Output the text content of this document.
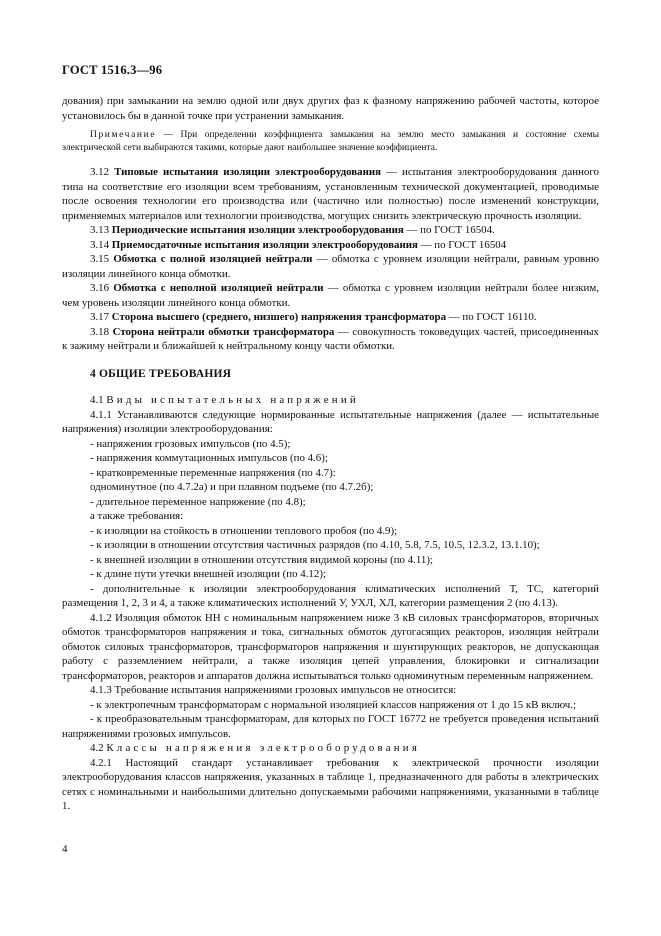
ГОСТ 1516.3—96

дования) при замыкании на землю одной или двух других фаз к фазному напряжению рабочей частоты, которое установилось бы в данной точке при устранении замыкания.

Примечание — При определении коэффициента замыкания на землю место замыкания и состояние схемы электрической сети выбираются такими, которые дают наибольшее значение коэффициента.

3.12 Типовые испытания изоляции электрооборудования — испытания электрооборудования данного типа на соответствие его изоляции всем требованиям, установленным технической документацией, проводимые после освоения технологии его производства или (частично или полностью) после изменений конструкции, применяемых материалов или технологии производства, могущих снизить электрическую прочность изоляции.

3.13 Периодические испытания изоляции электрооборудования — по ГОСТ 16504.

3.14 Приемосдаточные испытания изоляции электрооборудования — по ГОСТ 16504

3.15 Обмотка с полной изоляцией нейтрали — обмотка с уровнем изоляции нейтрали, равным уровню изоляции линейного конца обмотки.

3.16 Обмотка с неполной изоляцией нейтрали — обмотка с уровнем изоляции нейтрали более низким, чем уровень изоляции линейного конца обмотки.

3.17 Сторона высшего (среднего, низшего) напряжения трансформатора — по ГОСТ 16110.

3.18 Сторона нейтрали обмотки трансформатора — совокупность токоведущих частей, присоединенных к зажиму нейтрали и ближайшей к нейтральному концу части обмотки.

4 ОБЩИЕ ТРЕБОВАНИЯ

4.1 Виды испытательных напряжений

4.1.1 Устанавливаются следующие нормированные испытательные напряжения (далее — испытательные напряжения) изоляции электрооборудования:

- напряжения грозовых импульсов (по 4.5);

- напряжения коммутационных импульсов (по 4.6);

- кратковременные переменные напряжения (по 4.7):

одноминутное (по 4.7.2а) и при плавном подъеме (по 4.7.2б);

- длительное переменное напряжение (по 4.8);

а также требования:

- к изоляции на стойкость в отношении теплового пробоя (по 4.9);

- к изоляции в отношении отсутствия частичных разрядов (по 4.10, 5.8, 7.5, 10.5, 12.3.2, 13.1.10);

- к внешней изоляции в отношении отсутствия видимой короны (по 4.11);

- к длине пути утечки внешней изоляции (по 4.12);

- дополнительные к изоляции электрооборудования климатических исполнений Т, ТС, категорий размещения 1, 2, 3 и 4, а также климатических исполнений У, УХЛ, ХЛ, категории размещения 2 (по 4.13).

4.1.2 Изоляция обмоток НН с номинальным напряжением ниже 3 кВ силовых трансформаторов, вторичных обмоток трансформаторов напряжения и тока, сигнальных обмоток дугогасящих реакторов, изоляция нейтрали обмоток силовых трансформаторов, трансформаторов напряжения и шунтирующих реакторов, не допускающая работу с разземлением нейтрали, а также изоляция цепей управления, блокировки и сигнализации трансформаторов, реакторов и аппаратов должна испытываться только одноминутным переменным напряжением.

4.1.3 Требование испытания напряжениями грозовых импульсов не относится:

- к электропечным трансформаторам с нормальной изоляцией классов напряжения от 1 до 15 кВ включ.;

- к преобразовательным трансформаторам, для которых по ГОСТ 16772 не требуется проведения испытаний напряжениями грозовых импульсов.

4.2 Классы напряжения электрооборудования

4.2.1 Настоящий стандарт устанавливает требования к электрической прочности изоляции электрооборудования классов напряжения, указанных в таблице 1, предназначенного для работы в электрических сетях с номинальными и наибольшими длительно допускаемыми рабочими напряжениями, указанными в таблице 1.

4
